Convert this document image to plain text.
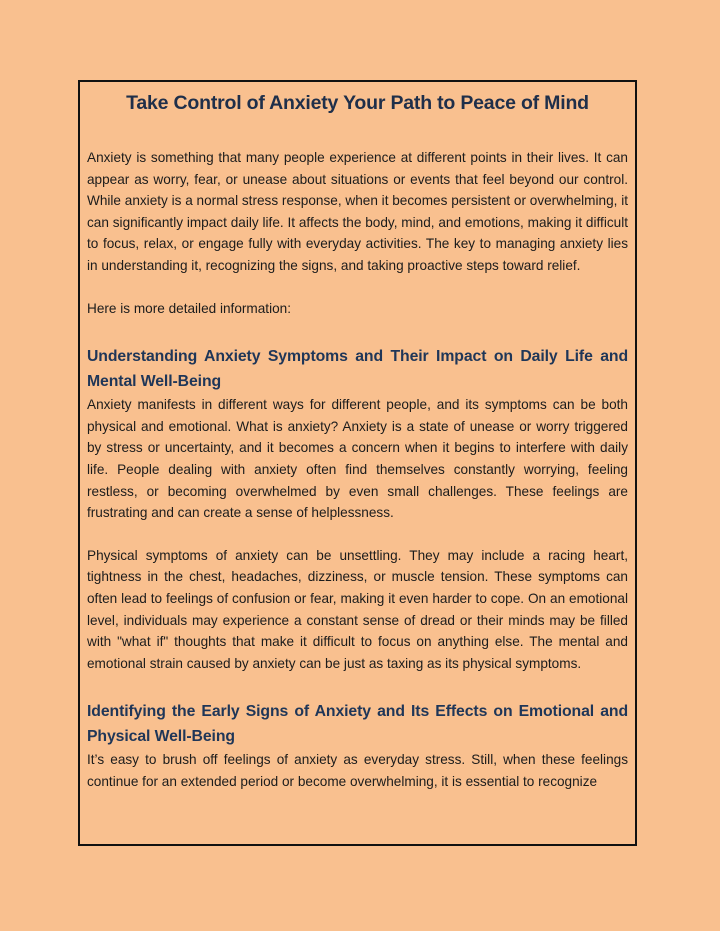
Take Control of Anxiety Your Path to Peace of Mind

Anxiety is something that many people experience at different points in their lives. It can appear as worry, fear, or unease about situations or events that feel beyond our control. While anxiety is a normal stress response, when it becomes persistent or overwhelming, it can significantly impact daily life. It affects the body, mind, and emotions, making it difficult to focus, relax, or engage fully with everyday activities. The key to managing anxiety lies in understanding it, recognizing the signs, and taking proactive steps toward relief.

Here is more detailed information:

Understanding Anxiety Symptoms and Their Impact on Daily Life and Mental Well-Being

Anxiety manifests in different ways for different people, and its symptoms can be both physical and emotional. What is anxiety? Anxiety is a state of unease or worry triggered by stress or uncertainty, and it becomes a concern when it begins to interfere with daily life. People dealing with anxiety often find themselves constantly worrying, feeling restless, or becoming overwhelmed by even small challenges. These feelings are frustrating and can create a sense of helplessness.

Physical symptoms of anxiety can be unsettling. They may include a racing heart, tightness in the chest, headaches, dizziness, or muscle tension. These symptoms can often lead to feelings of confusion or fear, making it even harder to cope. On an emotional level, individuals may experience a constant sense of dread or their minds may be filled with "what if" thoughts that make it difficult to focus on anything else. The mental and emotional strain caused by anxiety can be just as taxing as its physical symptoms.

Identifying the Early Signs of Anxiety and Its Effects on Emotional and Physical Well-Being

It’s easy to brush off feelings of anxiety as everyday stress. Still, when these feelings continue for an extended period or become overwhelming, it is essential to recognize
